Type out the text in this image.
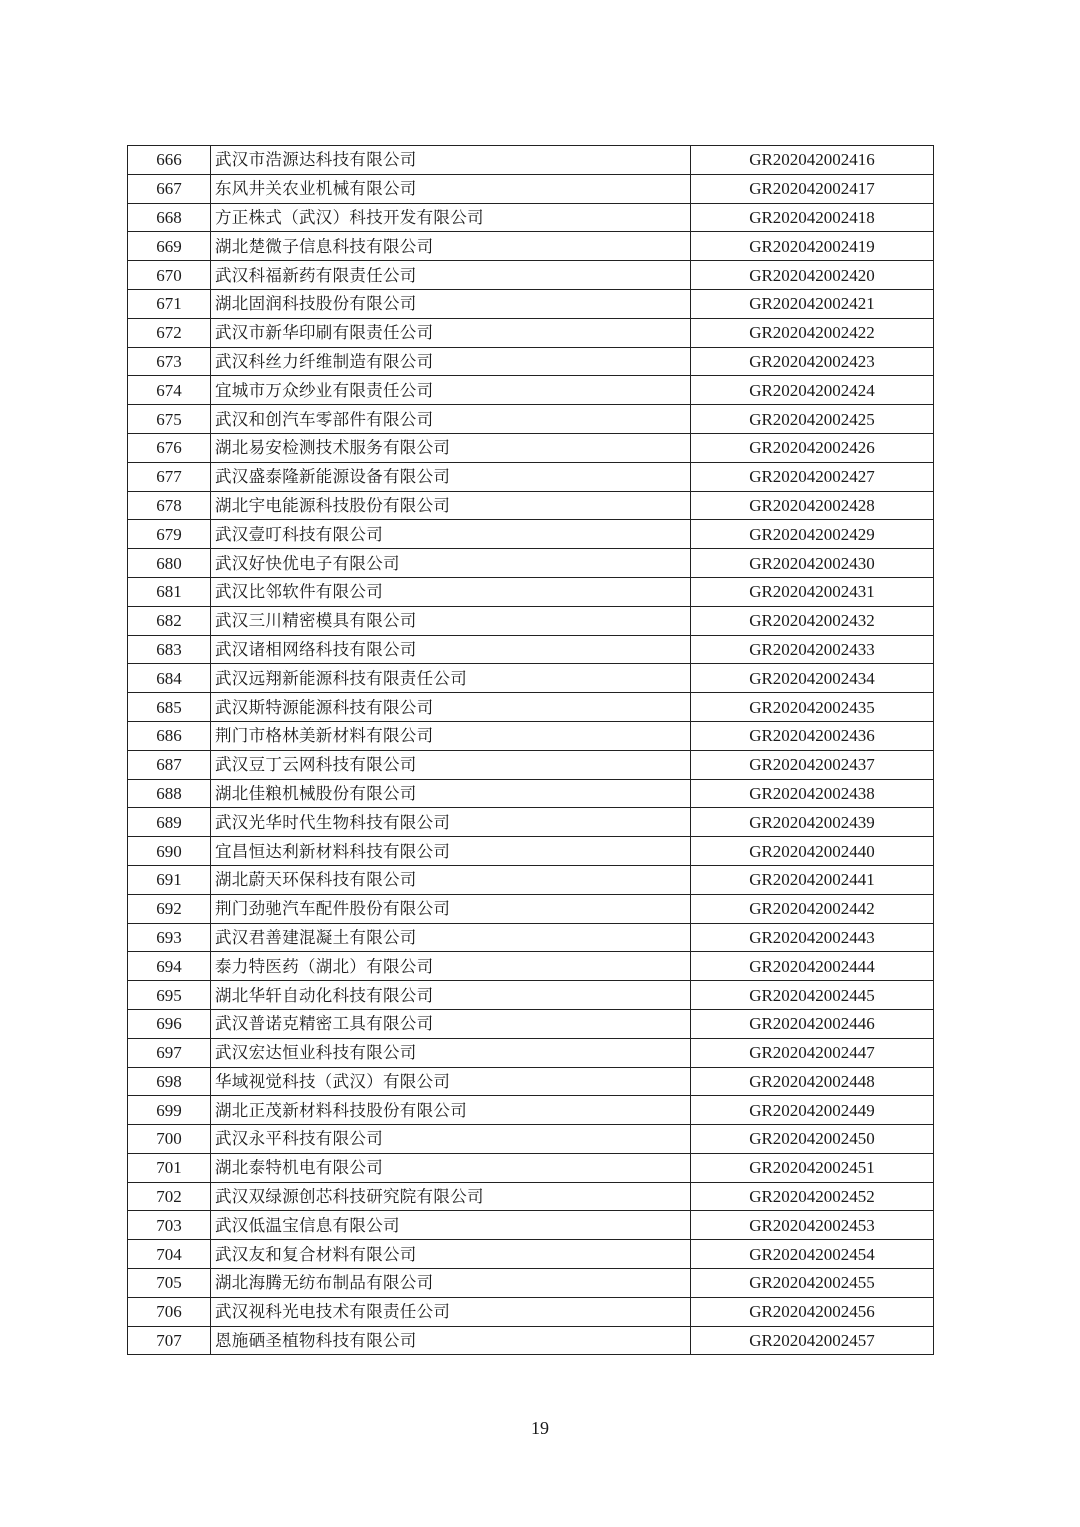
666	武汉市浩源达科技有限公司	GR202042002416
667	东风井关农业机械有限公司	GR202042002417
668	方正株式（武汉）科技开发有限公司	GR202042002418
669	湖北楚微子信息科技有限公司	GR202042002419
670	武汉科福新药有限责任公司	GR202042002420
671	湖北固润科技股份有限公司	GR202042002421
672	武汉市新华印刷有限责任公司	GR202042002422
673	武汉科丝力纤维制造有限公司	GR202042002423
674	宜城市万众纱业有限责任公司	GR202042002424
675	武汉和创汽车零部件有限公司	GR202042002425
676	湖北易安检测技术服务有限公司	GR202042002426
677	武汉盛泰隆新能源设备有限公司	GR202042002427
678	湖北宇电能源科技股份有限公司	GR202042002428
679	武汉壹叮科技有限公司	GR202042002429
680	武汉好快优电子有限公司	GR202042002430
681	武汉比邻软件有限公司	GR202042002431
682	武汉三川精密模具有限公司	GR202042002432
683	武汉诸相网络科技有限公司	GR202042002433
684	武汉远翔新能源科技有限责任公司	GR202042002434
685	武汉斯特源能源科技有限公司	GR202042002435
686	荆门市格林美新材料有限公司	GR202042002436
687	武汉豆丁云网科技有限公司	GR202042002437
688	湖北佳粮机械股份有限公司	GR202042002438
689	武汉光华时代生物科技有限公司	GR202042002439
690	宜昌恒达利新材料科技有限公司	GR202042002440
691	湖北蔚天环保科技有限公司	GR202042002441
692	荆门劲驰汽车配件股份有限公司	GR202042002442
693	武汉君善建混凝土有限公司	GR202042002443
694	泰力特医药（湖北）有限公司	GR202042002444
695	湖北华轩自动化科技有限公司	GR202042002445
696	武汉普诺克精密工具有限公司	GR202042002446
697	武汉宏达恒业科技有限公司	GR202042002447
698	华域视觉科技（武汉）有限公司	GR202042002448
699	湖北正茂新材料科技股份有限公司	GR202042002449
700	武汉永平科技有限公司	GR202042002450
701	湖北泰特机电有限公司	GR202042002451
702	武汉双绿源创芯科技研究院有限公司	GR202042002452
703	武汉低温宝信息有限公司	GR202042002453
704	武汉友和复合材料有限公司	GR202042002454
705	湖北海腾无纺布制品有限公司	GR202042002455
706	武汉视科光电技术有限责任公司	GR202042002456
707	恩施硒圣植物科技有限公司	GR202042002457
19
